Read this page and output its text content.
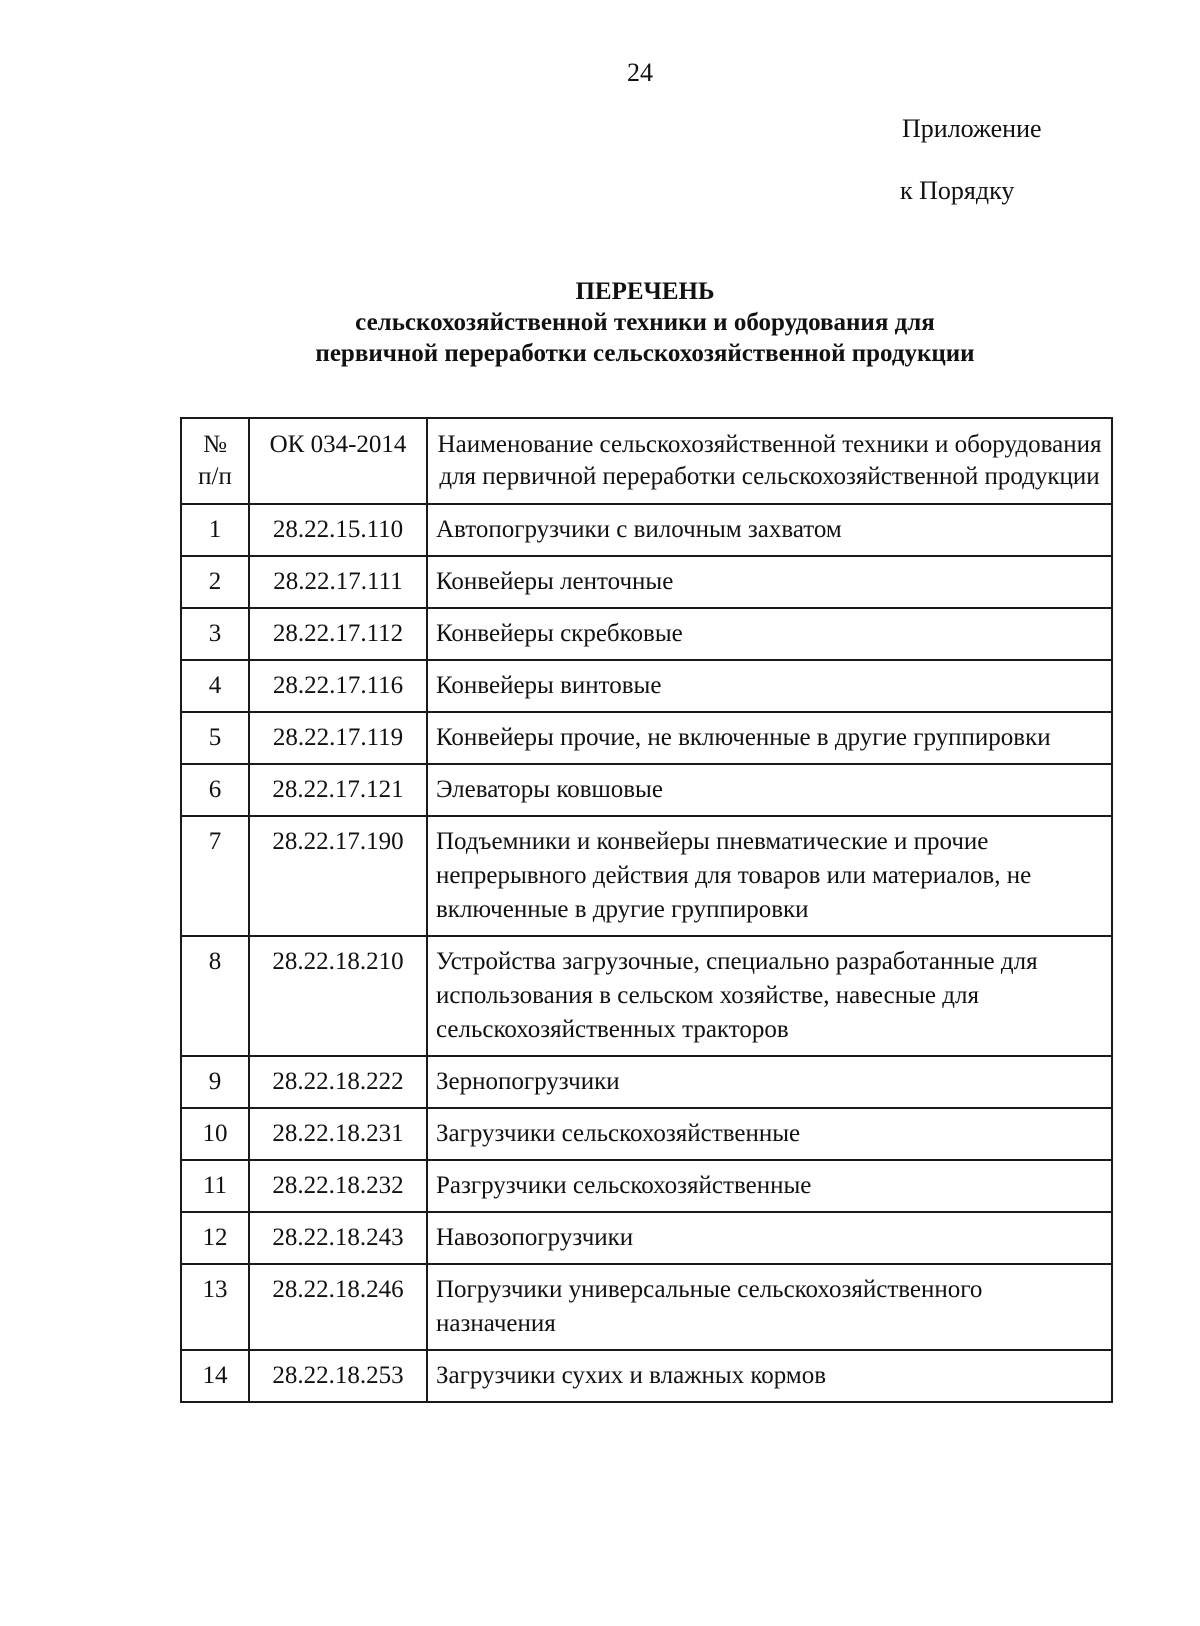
24
Приложение
к Порядку
ПЕРЕЧЕНЬ
сельскохозяйственной техники и оборудования для
первичной переработки сельскохозяйственной продукции
№ п/п	ОК 034-2014	Наименование сельскохозяйственной техники и оборудования для первичной переработки сельскохозяйственной продукции
1	28.22.15.110	Автопогрузчики с вилочным захватом
2	28.22.17.111	Конвейеры ленточные
3	28.22.17.112	Конвейеры скребковые
4	28.22.17.116	Конвейеры винтовые
5	28.22.17.119	Конвейеры прочие, не включенные в другие группировки
6	28.22.17.121	Элеваторы ковшовые
7	28.22.17.190	Подъемники и конвейеры пневматические и прочие непрерывного действия для товаров или материалов, не включенные в другие группировки
8	28.22.18.210	Устройства загрузочные, специально разработанные для использования в сельском хозяйстве, навесные для сельскохозяйственных тракторов
9	28.22.18.222	Зернопогрузчики
10	28.22.18.231	Загрузчики сельскохозяйственные
11	28.22.18.232	Разгрузчики сельскохозяйственные
12	28.22.18.243	Навозопогрузчики
13	28.22.18.246	Погрузчики универсальные сельскохозяйственного назначения
14	28.22.18.253	Загрузчики сухих и влажных кормов
